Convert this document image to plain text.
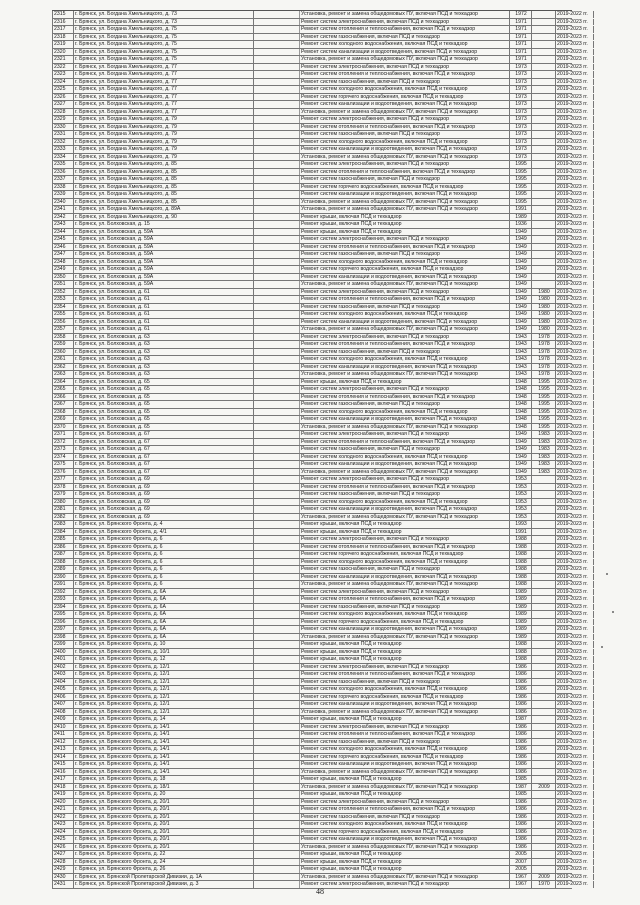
2315	г. Брянск, ул. Богдана Хмельницкого, д. 73	Установка, ремонт и замена общедомовых ПУ, включая ПСД и техкадзор	1972	2019-2022 гг.
2316	г. Брянск, ул. Богдана Хмельницкого, д. 73	Ремонт систем электроснабжения, включая ПСД и техкадзор	1971	2019-2023 гг.
2317	г. Брянск, ул. Богдана Хмельницкого, д. 75	Ремонт систем отопления и теплоснабжения, включая ПСД и техкадзор	1971	2019-2023 гг.
2318	г. Брянск, ул. Богдана Хмельницкого, д. 75	Ремонт систем газоснабжения, включая ПСД и техкадзор	1971	2019-2023 гг.
2319	г. Брянск, ул. Богдана Хмельницкого, д. 75	Ремонт систем холодного водоснабжения, включая ПСД и техкадзор	1971	2019-2023 гг.
2320	г. Брянск, ул. Богдана Хмельницкого, д. 75	Ремонт систем канализации и водоотведения, включая ПСД и техкадзор	1971	2019-2023 гг.
2321	г. Брянск, ул. Богдана Хмельницкого, д. 75	Установка, ремонт и замена общедомовых ПУ, включая ПСД и техкадзор	1971	2019-2023 гг.
2322	г. Брянск, ул. Богдана Хмельницкого, д. 77	Ремонт систем электроснабжения, включая ПСД и техкадзор	1973	2019-2023 гг.
2323	г. Брянск, ул. Богдана Хмельницкого, д. 77	Ремонт систем отопления и теплоснабжения, включая ПСД и техкадзор	1973	2019-2023 гг.
2324	г. Брянск, ул. Богдана Хмельницкого, д. 77	Ремонт систем газоснабжения, включая ПСД и техкадзор	1973	2019-2023 гг.
2325	г. Брянск, ул. Богдана Хмельницкого, д. 77	Ремонт систем холодного водоснабжения, включая ПСД и техкадзор	1973	2019-2023 гг.
2326	г. Брянск, ул. Богдана Хмельницкого, д. 77	Ремонт систем горячего водоснабжения, включая ПСД и техкадзор	1973	2019-2023 гг.
2327	г. Брянск, ул. Богдана Хмельницкого, д. 77	Ремонт систем канализации и водоотведения, включая ПСД и техкадзор	1973	2019-2023 гг.
2328	г. Брянск, ул. Богдана Хмельницкого, д. 77	Установка, ремонт и замена общедомовых ПУ, включая ПСД и техкадзор	1973	2019-2023 гг.
2329	г. Брянск, ул. Богдана Хмельницкого, д. 79	Ремонт систем электроснабжения, включая ПСД и техкадзор	1973	2019-2023 гг.
2330	г. Брянск, ул. Богдана Хмельницкого, д. 79	Ремонт систем отопления и теплоснабжения, включая ПСД и техкадзор	1973	2019-2023 гг.
2331	г. Брянск, ул. Богдана Хмельницкого, д. 79	Ремонт систем газоснабжения, включая ПСД и техкадзор	1973	2019-2023 гг.
2332	г. Брянск, ул. Богдана Хмельницкого, д. 79	Ремонт систем холодного водоснабжения, включая ПСД и техкадзор	1973	2019-2023 гг.
2333	г. Брянск, ул. Богдана Хмельницкого, д. 79	Ремонт систем канализации и водоотведения, включая ПСД и техкадзор	1973	2019-2023 гг.
2334	г. Брянск, ул. Богдана Хмельницкого, д. 79	Установка, ремонт и замена общедомовых ПУ, включая ПСД и техкадзор	1973	2019-2023 гг.
2335	г. Брянск, ул. Богдана Хмельницкого, д. 85	Ремонт систем электроснабжения, включая ПСД и техкадзор	1995	2019-2023 гг.
2336	г. Брянск, ул. Богдана Хмельницкого, д. 85	Ремонт систем отопления и теплоснабжения, включая ПСД и техкадзор	1995	2019-2023 гг.
2337	г. Брянск, ул. Богдана Хмельницкого, д. 85	Ремонт систем газоснабжения, включая ПСД и техкадзор	1995	2019-2023 гг.
2338	г. Брянск, ул. Богдана Хмельницкого, д. 85	Ремонт систем горячего водоснабжения, включая ПСД и техкадзор	1995	2019-2023 гг.
2339	г. Брянск, ул. Богдана Хмельницкого, д. 85	Ремонт систем канализации и водоотведения, включая ПСД и техкадзор	1995	2019-2023 гг.
2340	г. Брянск, ул. Богдана Хмельницкого, д. 85	Установка, ремонт и замена общедомовых ПУ, включая ПСД и техкадзор	1995	2019-2023 гг.
2341	г. Брянск, ул. Богдана Хмельницкого, д. 89А	Установка, ремонт и замена общедомовых ПУ, включая ПСД и техкадзор	1991	2019-2023 гг.
2342	г. Брянск, ул. Богдана Хмельницкого, д. 90	Ремонт крыши, включая ПСД и техкадзор	1989	2019-2023 гг.
2343	г. Брянск, ул. Болховская, д. 15	Ремонт крыши, включая ПСД и техкадзор	1936	2019-2023 гг.
2344	г. Брянск, ул. Болховская, д. 59А	Ремонт крыши, включая ПСД и техкадзор	1949	2019-2023 гг.
2345	г. Брянск, ул. Болховская, д. 59А	Ремонт систем электроснабжения, включая ПСД и техкадзор	1949	2019-2023 гг.
2346	г. Брянск, ул. Болховская, д. 59А	Ремонт систем отопления и теплоснабжения, включая ПСД и техкадзор	1949	2019-2023 гг.
2347	г. Брянск, ул. Болховская, д. 59А	Ремонт систем газоснабжения, включая ПСД и техкадзор	1949	2019-2023 гг.
2348	г. Брянск, ул. Болховская, д. 59А	Ремонт систем холодного водоснабжения, включая ПСД и техкадзор	1949	2019-2023 гг.
2349	г. Брянск, ул. Болховская, д. 59А	Ремонт систем горячего водоснабжения, включая ПСД и техкадзор	1949	2019-2023 гг.
2350	г. Брянск, ул. Болховская, д. 59А	Ремонт систем канализации и водоотведения, включая ПСД и техкадзор	1949	2019-2023 гг.
2351	г. Брянск, ул. Болховская, д. 59А	Установка, ремонт и замена общедомовых ПУ, включая ПСД и техкадзор	1949	2019-2023 гг.
2352	г. Брянск, ул. Болховская, д. 61	Ремонт систем электроснабжения, включая ПСД и техкадзор	1949	1980	2019-2023 гг.
2353	г. Брянск, ул. Болховская, д. 61	Ремонт систем отопления и теплоснабжения, включая ПСД и техкадзор	1949	1980	2019-2023 гг.
2354	г. Брянск, ул. Болховская, д. 61	Ремонт систем газоснабжения, включая ПСД и техкадзор	1949	1980	2019-2023 гг.
2355	г. Брянск, ул. Болховская, д. 61	Ремонт систем холодного водоснабжения, включая ПСД и техкадзор	1949	1980	2019-2023 гг.
2356	г. Брянск, ул. Болховская, д. 61	Ремонт систем канализации и водоотведения, включая ПСД и техкадзор	1949	1980	2019-2023 гг.
2357	г. Брянск, ул. Болховская, д. 61	Установка, ремонт и замена общедомовых ПУ, включая ПСД и техкадзор	1949	1980	2019-2023 гг.
2358	г. Брянск, ул. Болховская, д. 63	Ремонт систем электроснабжения, включая ПСД и техкадзор	1943	1978	2019-2023 гг.
2359	г. Брянск, ул. Болховская, д. 63	Ремонт систем отопления и теплоснабжения, включая ПСД и техкадзор	1943	1978	2019-2023 гг.
2360	г. Брянск, ул. Болховская, д. 63	Ремонт систем газоснабжения, включая ПСД и техкадзор	1943	1978	2019-2023 гг.
2361	г. Брянск, ул. Болховская, д. 63	Ремонт систем холодного водоснабжения, включая ПСД и техкадзор	1943	1978	2019-2023 гг.
2362	г. Брянск, ул. Болховская, д. 63	Ремонт систем канализации и водоотведения, включая ПСД и техкадзор	1943	1978	2019-2023 гг.
2363	г. Брянск, ул. Болховская, д. 63	Установка, ремонт и замена общедомовых ПУ, включая ПСД и техкадзор	1943	1978	2019-2023 гг.
2364	г. Брянск, ул. Болховская, д. 65	Ремонт крыши, включая ПСД и техкадзор	1948	1995	2019-2023 гг.
2365	г. Брянск, ул. Болховская, д. 65	Ремонт систем электроснабжения, включая ПСД и техкадзор	1948	1995	2019-2023 гг.
2366	г. Брянск, ул. Болховская, д. 65	Ремонт систем отопления и теплоснабжения, включая ПСД и техкадзор	1948	1995	2019-2023 гг.
2367	г. Брянск, ул. Болховская, д. 65	Ремонт систем газоснабжения, включая ПСД и техкадзор	1948	1995	2019-2023 гг.
2368	г. Брянск, ул. Болховская, д. 65	Ремонт систем холодного водоснабжения, включая ПСД и техкадзор	1948	1995	2019-2023 гг.
2369	г. Брянск, ул. Болховская, д. 65	Ремонт систем канализации и водоотведения, включая ПСД и техкадзор	1948	1995	2019-2023 гг.
2370	г. Брянск, ул. Болховская, д. 65	Установка, ремонт и замена общедомовых ПУ, включая ПСД и техкадзор	1948	1995	2019-2023 гг.
2371	г. Брянск, ул. Болховская, д. 67	Ремонт систем электроснабжения, включая ПСД и техкадзор	1949	1983	2019-2023 гг.
2372	г. Брянск, ул. Болховская, д. 67	Ремонт систем отопления и теплоснабжения, включая ПСД и техкадзор	1949	1983	2019-2023 гг.
2373	г. Брянск, ул. Болховская, д. 67	Ремонт систем газоснабжения, включая ПСД и техкадзор	1949	1983	2019-2023 гг.
2374	г. Брянск, ул. Болховская, д. 67	Ремонт систем холодного водоснабжения, включая ПСД и техкадзор	1949	1983	2019-2023 гг.
2375	г. Брянск, ул. Болховская, д. 67	Ремонт систем канализации и водоотведения, включая ПСД и техкадзор	1949	1983	2019-2023 гг.
2376	г. Брянск, ул. Болховская, д. 67	Установка, ремонт и замена общедомовых ПУ, включая ПСД и техкадзор	1949	1983	2019-2023 гг.
2377	г. Брянск, ул. Болховская, д. 69	Ремонт систем электроснабжения, включая ПСД и техкадзор	1953	2019-2023 гг.
2378	г. Брянск, ул. Болховская, д. 69	Ремонт систем отопления и теплоснабжения, включая ПСД и техкадзор	1953	2019-2023 гг.
2379	г. Брянск, ул. Болховская, д. 69	Ремонт систем газоснабжения, включая ПСД и техкадзор	1953	2019-2023 гг.
2380	г. Брянск, ул. Болховская, д. 69	Ремонт систем холодного водоснабжения, включая ПСД и техкадзор	1953	2019-2023 гг.
2381	г. Брянск, ул. Болховская, д. 69	Ремонт систем канализации и водоотведения, включая ПСД и техкадзор	1953	2019-2023 гг.
2382	г. Брянск, ул. Болховская, д. 69	Установка, ремонт и замена общедомовых ПУ, включая ПСД и техкадзор	1953	2019-2023 гг.
2383	г. Брянск, ул. Брянского Фронта, д. 4	Ремонт крыши, включая ПСД и техкадзор	1993	2019-2023 гг.
2384	г. Брянск, ул. Брянского Фронта, д. 4/1	Ремонт крыши, включая ПСД и техкадзор	1991	2019-2023 гг.
2385	г. Брянск, ул. Брянского Фронта, д. 6	Ремонт систем электроснабжения, включая ПСД и техкадзор	1988	2019-2023 гг.
2386	г. Брянск, ул. Брянского Фронта, д. 6	Ремонт систем отопления и теплоснабжения, включая ПСД и техкадзор	1988	2019-2023 гг.
2387	г. Брянск, ул. Брянского Фронта, д. 6	Ремонт систем горячего водоснабжения, включая ПСД и техкадзор	1988	2019-2023 гг.
2388	г. Брянск, ул. Брянского Фронта, д. 6	Ремонт систем холодного водоснабжения, включая ПСД и техкадзор	1988	2019-2023 гг.
2389	г. Брянск, ул. Брянского Фронта, д. 6	Ремонт систем газоснабжения, включая ПСД и техкадзор	1988	2019-2023 гг.
2390	г. Брянск, ул. Брянского Фронта, д. 6	Ремонт систем канализации и водоотведения, включая ПСД и техкадзор	1988	2019-2023 гг.
2391	г. Брянск, ул. Брянского Фронта, д. 6	Установка, ремонт и замена общедомовых ПУ, включая ПСД и техкадзор	1988	2019-2023 гг.
2392	г. Брянск, ул. Брянского Фронта, д. 6А	Ремонт систем электроснабжения, включая ПСД и техкадзор	1989	2019-2023 гг.
2393	г. Брянск, ул. Брянского Фронта, д. 6А	Ремонт систем отопления и теплоснабжения, включая ПСД и техкадзор	1989	2019-2023 гг.
2394	г. Брянск, ул. Брянского Фронта, д. 6А	Ремонт систем газоснабжения, включая ПСД и техкадзор	1989	2019-2023 гг.
2395	г. Брянск, ул. Брянского Фронта, д. 6А	Ремонт систем холодного водоснабжения, включая ПСД и техкадзор	1989	2019-2023 гг.
2396	г. Брянск, ул. Брянского Фронта, д. 6А	Ремонт систем горячего водоснабжения, включая ПСД и техкадзор	1989	2019-2023 гг.
2397	г. Брянск, ул. Брянского Фронта, д. 6А	Ремонт систем канализации и водоотведения, включая ПСД и техкадзор	1989	2019-2023 гг.
2398	г. Брянск, ул. Брянского Фронта, д. 6А	Установка, ремонт и замена общедомовых ПУ, включая ПСД и техкадзор	1989	2019-2023 гг.
2399	г. Брянск, ул. Брянского Фронта, д. 10	Ремонт крыши, включая ПСД и техкадзор	1988	2019-2023 гг.
2400	г. Брянск, ул. Брянского Фронта, д. 10/1	Ремонт крыши, включая ПСД и техкадзор	1988	2019-2023 гг.
2401	г. Брянск, ул. Брянского Фронта, д. 12	Ремонт крыши, включая ПСД и техкадзор	1988	2019-2023 гг.
2402	г. Брянск, ул. Брянского Фронта, д. 12/1	Ремонт систем электроснабжения, включая ПСД и техкадзор	1986	2019-2023 гг.
2403	г. Брянск, ул. Брянского Фронта, д. 12/1	Ремонт систем отопления и теплоснабжения, включая ПСД и техкадзор	1986	2019-2023 гг.
2404	г. Брянск, ул. Брянского Фронта, д. 12/1	Ремонт систем газоснабжения, включая ПСД и техкадзор	1986	2019-2023 гг.
2405	г. Брянск, ул. Брянского Фронта, д. 12/1	Ремонт систем холодного водоснабжения, включая ПСД и техкадзор	1986	2019-2023 гг.
2406	г. Брянск, ул. Брянского Фронта, д. 12/1	Ремонт систем горячего водоснабжения, включая ПСД и техкадзор	1986	2019-2023 гг.
2407	г. Брянск, ул. Брянского Фронта, д. 12/1	Ремонт систем канализации и водоотведения, включая ПСД и техкадзор	1986	2019-2023 гг.
2408	г. Брянск, ул. Брянского Фронта, д. 12/1	Установка, ремонт и замена общедомовых ПУ, включая ПСД и техкадзор	1986	2019-2023 гг.
2409	г. Брянск, ул. Брянского Фронта, д. 14	Ремонт крыши, включая ПСД и техкадзор	1987	2019-2023 гг.
2410	г. Брянск, ул. Брянского Фронта, д. 14/1	Ремонт систем электроснабжения, включая ПСД и техкадзор	1986	2019-2023 гг.
2411	г. Брянск, ул. Брянского Фронта, д. 14/1	Ремонт систем отопления и теплоснабжения, включая ПСД и техкадзор	1986	2019-2023 гг.
2412	г. Брянск, ул. Брянского Фронта, д. 14/1	Ремонт систем газоснабжения, включая ПСД и техкадзор	1986	2019-2023 гг.
2413	г. Брянск, ул. Брянского Фронта, д. 14/1	Ремонт систем холодного водоснабжения, включая ПСД и техкадзор	1986	2019-2023 гг.
2414	г. Брянск, ул. Брянского Фронта, д. 14/1	Ремонт систем горячего водоснабжения, включая ПСД и техкадзор	1986	2019-2023 гг.
2415	г. Брянск, ул. Брянского Фронта, д. 14/1	Ремонт систем канализации и водоотведения, включая ПСД и техкадзор	1986	2019-2023 гг.
2416	г. Брянск, ул. Брянского Фронта, д. 14/1	Установка, ремонт и замена общедомовых ПУ, включая ПСД и техкадзор	1986	2019-2023 гг.
2417	г. Брянск, ул. Брянского Фронта, д. 18	Ремонт крыши, включая ПСД и техкадзор	1985	2019-2023 гг.
2418	г. Брянск, ул. Брянского Фронта, д. 18/1	Установка, ремонт и замена общедомовых ПУ, включая ПСД и техкадзор	1987	2009	2019-2023 гг.
2419	г. Брянск, ул. Брянского Фронта, д. 20	Ремонт крыши, включая ПСД и техкадзор	1985	2019-2023 гг.
2420	г. Брянск, ул. Брянского Фронта, д. 20/1	Ремонт систем электроснабжения, включая ПСД и техкадзор	1986	2019-2023 гг.
2421	г. Брянск, ул. Брянского Фронта, д. 20/1	Ремонт систем отопления и теплоснабжения, включая ПСД и техкадзор	1986	2019-2023 гг.
2422	г. Брянск, ул. Брянского Фронта, д. 20/1	Ремонт систем газоснабжения, включая ПСД и техкадзор	1986	2019-2023 гг.
2423	г. Брянск, ул. Брянского Фронта, д. 20/1	Ремонт систем холодного водоснабжения, включая ПСД и техкадзор	1986	2019-2023 гг.
2424	г. Брянск, ул. Брянского Фронта, д. 20/1	Ремонт систем горячего водоснабжения, включая ПСД и техкадзор	1986	2019-2023 гг.
2425	г. Брянск, ул. Брянского Фронта, д. 20/1	Ремонт систем канализации и водоотведения, включая ПСД и техкадзор	1986	2019-2023 гг.
2426	г. Брянск, ул. Брянского Фронта, д. 20/1	Установка, ремонт и замена общедомовых ПУ, включая ПСД и техкадзор	1986	2019-2023 гг.
2427	г. Брянск, ул. Брянского Фронта, д. 22	Ремонт крыши, включая ПСД и техкадзор	2005	2019-2023 гг.
2428	г. Брянск, ул. Брянского Фронта, д. 24	Ремонт крыши, включая ПСД и техкадзор	2007	2019-2023 гг.
2429	г. Брянск, ул. Брянского Фронта, д. 26	Ремонт крыши, включая ПСД и техкадзор	2005	2019-2023 гг.
2430	г. Брянск, ул. Брянской Пролетарской Дивизии, д. 1А	Установка, ремонт и замена общедомовых ПУ, включая ПСД и техкадзор	1967	2009	2019-2023 гг.
2431	г. Брянск, ул. Брянской Пролетарской Дивизии, д. 3	Ремонт систем электроснабжения, включая ПСД и техкадзор	1967	1970	2019-2023 гг.
48
